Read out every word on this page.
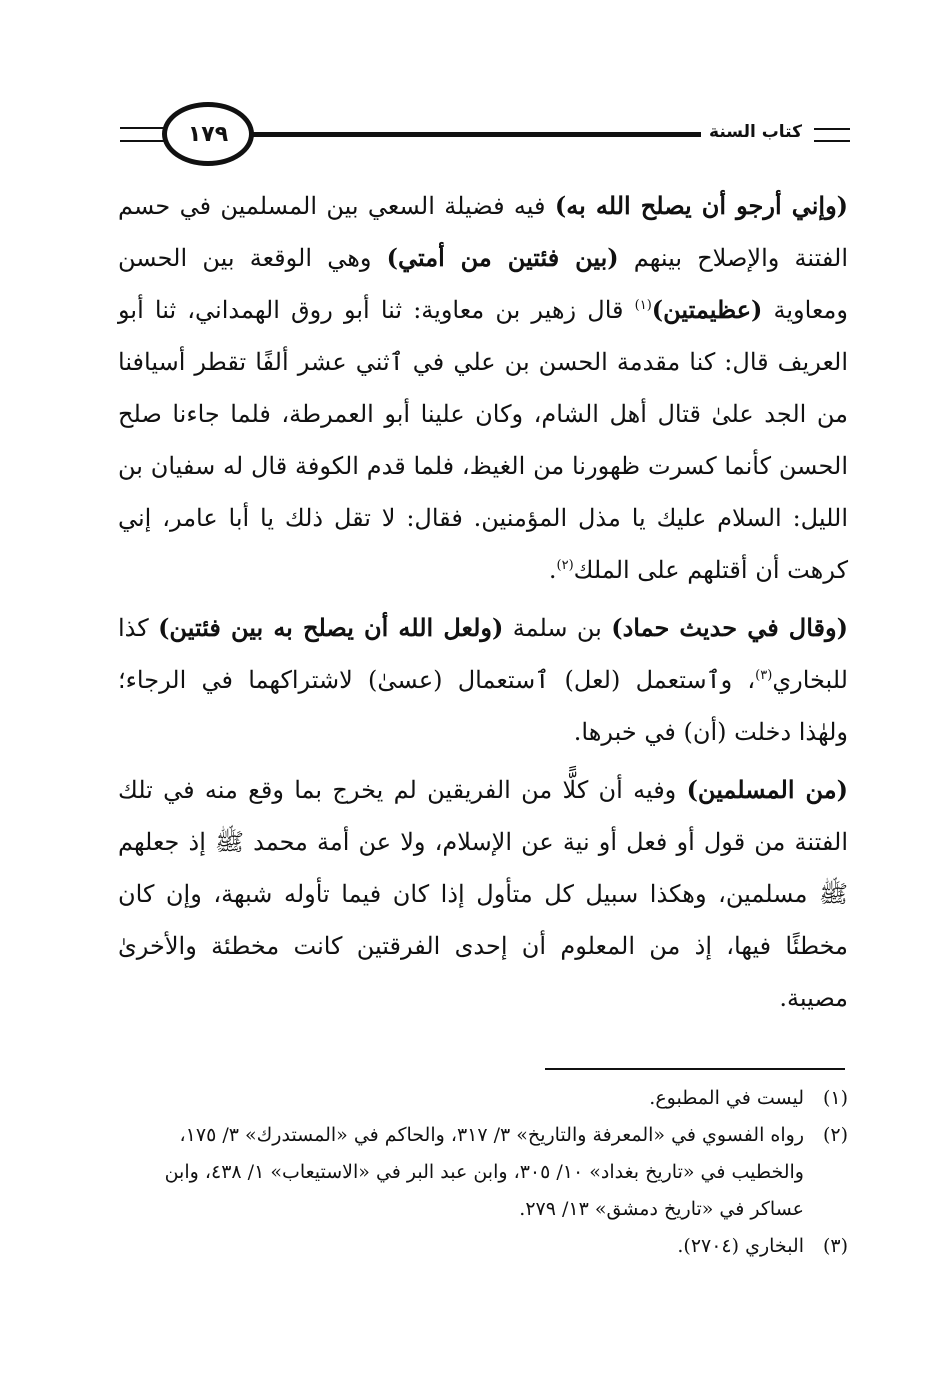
١٧٩	كتاب السنة

(وإني أرجو أن يصلح الله به) فيه فضيلة السعي بين المسلمين في حسم الفتنة والإصلاح بينهم (بين فئتين من أمتي) وهي الوقعة بين الحسن ومعاوية (عظيمتين)$^{(١)}$ قال زهير بن معاوية: ثنا أبو روق الهمداني، ثنا أبو العريف قال: كنا مقدمة الحسن بن علي في ٱثني عشر ألفًا تقطر أسيافنا من الجد علىٰ قتال أهل الشام، وكان علينا أبو العمرطة، فلما جاءنا صلح الحسن كأنما كسرت ظهورنا من الغيظ، فلما قدم الكوفة قال له سفيان بن الليل: السلام عليك يا مذل المؤمنين. فقال: لا تقل ذلك يا أبا عامر، إني كرهت أن أقتلهم على الملك$^{(٢)}$.

(وقال في حديث حماد) بن سلمة (ولعل الله أن يصلح به بين فئتين) كذا للبخاري$^{(٣)}$، وٱستعمل (لعل) ٱستعمال (عسىٰ) لاشتراكهما في الرجاء؛ ولهٰذا دخلت (أن) في خبرها.

(من المسلمين) وفيه أن كلًّا من الفريقين لم يخرج بما وقع منه في تلك الفتنة من قول أو فعل أو نية عن الإسلام، ولا عن أمة محمد ﷺ إذ جعلهم ﷺ مسلمين، وهكذا سبيل كل متأول إذا كان فيما تأوله شبهة، وإن كان مخطئًا فيها، إذ من المعلوم أن إحدى الفرقتين كانت مخطئة والأخرىٰ مصيبة.

(١)
ليست في المطبوع.
(٢)
رواه الفسوي في «المعرفة والتاريخ» ٣/ ٣١٧، والحاكم في «المستدرك» ٣/ ١٧٥، والخطيب في «تاريخ بغداد» ١٠/ ٣٠٥، وابن عبد البر في «الاستيعاب» ١/ ٤٣٨، وابن عساكر في «تاريخ دمشق» ١٣/ ٢٧٩.
(٣)
البخاري (٢٧٠٤).
